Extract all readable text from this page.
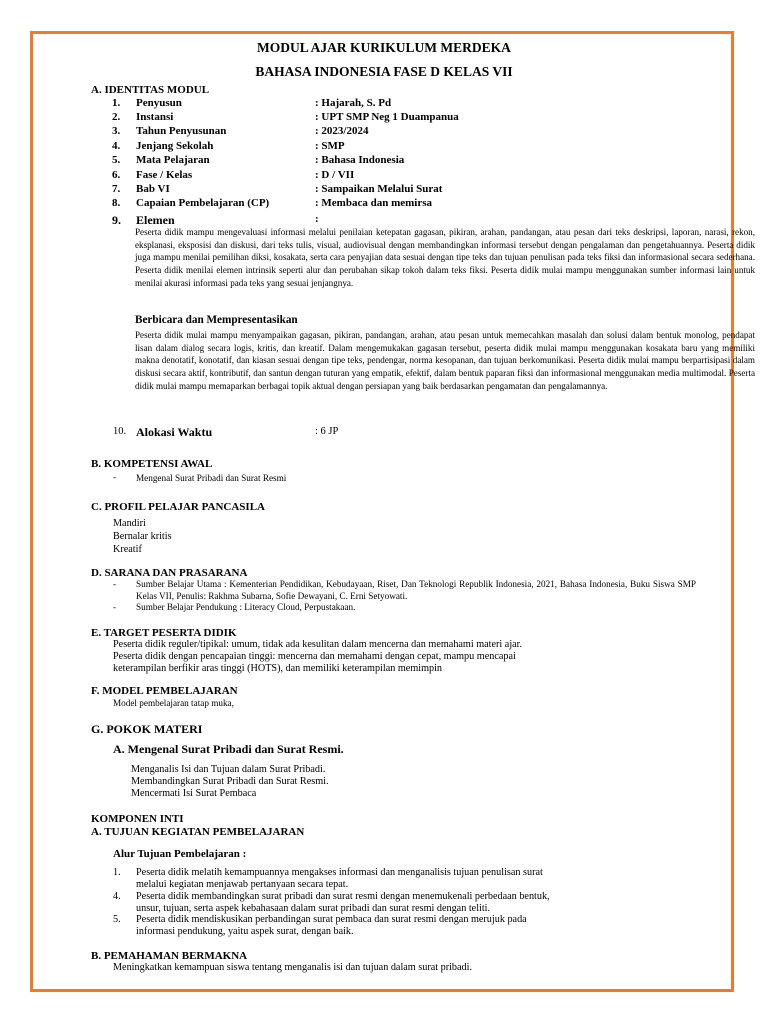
MODUL AJAR KURIKULUM MERDEKA
BAHASA INDONESIA FASE D KELAS VII
A. IDENTITAS MODUL
1. Penyusun	: Hajarah, S. Pd
2. Instansi	: UPT SMP Neg 1 Duampanua
3. Tahun Penyusunan	: 2023/2024
4. Jenjang Sekolah	: SMP
5. Mata Pelajaran	: Bahasa Indonesia
6. Fase / Kelas	: D / VII
7. Bab VI	: Sampaikan Melalui Surat
8. Capaian Pembelajaran (CP)	: Membaca dan memirsa
9. Elemen	:
Peserta didik mampu mengevaluasi informasi melalui penilaian ketepatan gagasan, pikiran, arahan, pandangan, atau pesan dari teks deskripsi, laporan, narasi, rekon, eksplanasi, eksposisi dan diskusi, dari teks tulis, visual, audiovisual dengan membandingkan informasi tersebut dengan pengalaman dan pengetahuannya. Peserta didik juga mampu menilai pemilihan diksi, kosakata, serta cara penyajian data sesuai dengan tipe teks dan tujuan penulisan pada teks fiksi dan informasional secara sederhana. Peserta didik menilai elemen intrinsik seperti alur dan perubahan sikap tokoh dalam teks fiksi. Peserta didik mulai mampu menggunakan sumber informasi lain untuk menilai akurasi informasi pada teks yang sesuai jenjangnya.
Berbicara dan Mempresentasikan
Peserta didik mulai mampu menyampaikan gagasan, pikiran, pandangan, arahan, atau pesan untuk memecahkan masalah dan solusi dalam bentuk monolog, pendapat lisan dalam dialog secara logis, kritis, dan kreatif. Dalam mengemukakan gagasan tersebut, peserta didik mulai mampu menggunakan kosakata baru yang memiliki makna denotatif, konotatif, dan kiasan sesuai dengan tipe teks, pendengar, norma kesopanan, dan tujuan berkomunikasi. Peserta didik mulai mampu berpartisipasi dalam diskusi secara aktif, kontributif, dan santun dengan tuturan yang empatik, efektif, dalam bentuk paparan fiksi dan informasional menggunakan media multimodal. Peserta didik mulai mampu memaparkan berbagai topik aktual dengan persiapan yang baik berdasarkan pengamatan dan pengalamannya.
10. Alokasi Waktu	: 6 JP
B. KOMPETENSI AWAL
- Mengenal Surat Pribadi dan Surat Resmi
C. PROFIL PELAJAR PANCASILA
Mandiri
Bernalar kritis
Kreatif
D. SARANA DAN PRASARANA
- Sumber Belajar Utama : Kementerian Pendidikan, Kebudayaan, Riset, Dan Teknologi Republik Indonesia, 2021, Bahasa Indonesia, Buku Siswa SMP Kelas VII, Penulis: Rakhma Subarna, Sofie Dewayani, C. Erni Setyowati.
- Sumber Belajar Pendukung : Literacy Cloud, Perpustakaan.
E. TARGET PESERTA DIDIK
Peserta didik reguler/tipikal: umum, tidak ada kesulitan dalam mencerna dan memahami materi ajar.
Peserta didik dengan pencapaian tinggi: mencerna dan memahami dengan cepat, mampu mencapai
keterampilan berfikir aras tinggi (HOTS), dan memiliki keterampilan memimpin
F. MODEL PEMBELAJARAN
Model pembelajaran tatap muka,
G. POKOK MATERI
A. Mengenal Surat Pribadi dan Surat Resmi.
Menganalis Isi dan Tujuan dalam Surat Pribadi.
Membandingkan Surat Pribadi dan Surat Resmi.
Mencermati Isi Surat Pembaca
KOMPONEN INTI
A. TUJUAN KEGIATAN PEMBELAJARAN
Alur Tujuan Pembelajaran :
1. Peserta didik melatih kemampuannya mengakses informasi dan menganalisis tujuan penulisan surat
melalui kegiatan menjawab pertanyaan secara tepat.
4. Peserta didik membandingkan surat pribadi dan surat resmi dengan menemukenali perbedaan bentuk,
unsur, tujuan, serta aspek kebahasaan dalam surat pribadi dan surat resmi dengan teliti.
5. Peserta didik mendiskusikan perbandingan surat pembaca dan surat resmi dengan merujuk pada
informasi pendukung, yaitu aspek surat, dengan baik.
B. PEMAHAMAN BERMAKNA
Meningkatkan kemampuan siswa tentang menganalis isi dan tujuan dalam surat pribadi.
